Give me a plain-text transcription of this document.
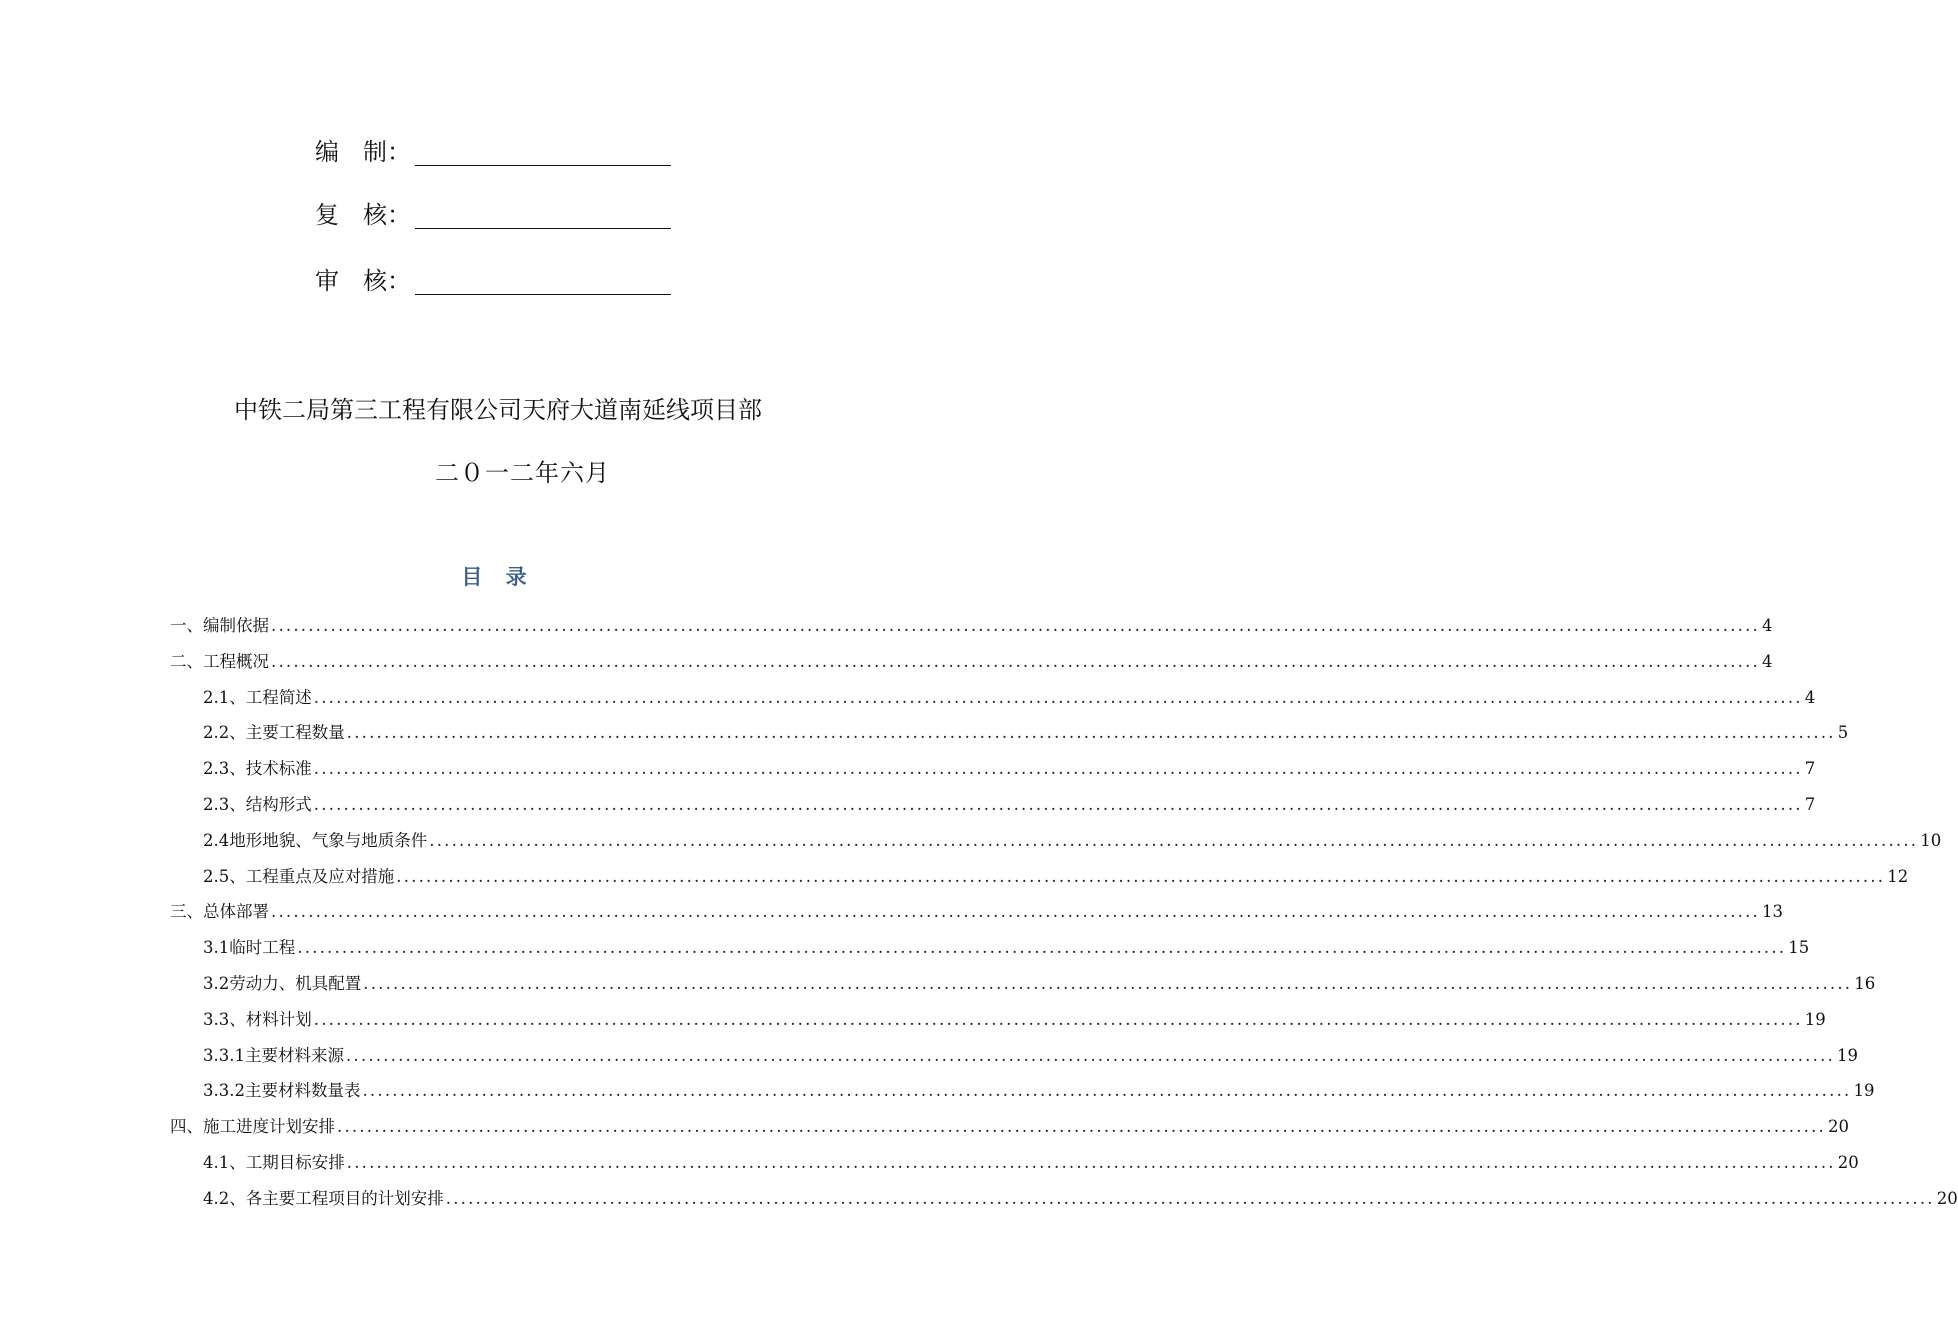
编　制：
复　核：
审　核：
中铁二局第三工程有限公司天府大道南延线项目部
二０一二年六月
目 录
一、编制依据 ........................................................................................................................................................................................................ 4
二、工程概况 ........................................................................................................................................................................................................ 4
2.1、工程简述 ........................................................................................................................................................................................................ 4
2.2、主要工程数量 ........................................................................................................................................................................................................ 5
2.3、技术标准 ........................................................................................................................................................................................................ 7
2.3、结构形式 ........................................................................................................................................................................................................ 7
2.4地形地貌、气象与地质条件 ........................................................................................................................................................................................................ 10
2.5、工程重点及应对措施 ........................................................................................................................................................................................................ 12
三、总体部署 ........................................................................................................................................................................................................ 13
3.1临时工程 ........................................................................................................................................................................................................ 15
3.2劳动力、机具配置 ........................................................................................................................................................................................................ 16
3.3、材料计划 ........................................................................................................................................................................................................ 19
3.3.1主要材料来源 ........................................................................................................................................................................................................ 19
3.3.2主要材料数量表 ........................................................................................................................................................................................................ 19
四、施工进度计划安排 ........................................................................................................................................................................................................ 20
4.1、工期目标安排 ........................................................................................................................................................................................................ 20
4.2、各主要工程项目的计划安排 ........................................................................................................................................................................................................ 20
